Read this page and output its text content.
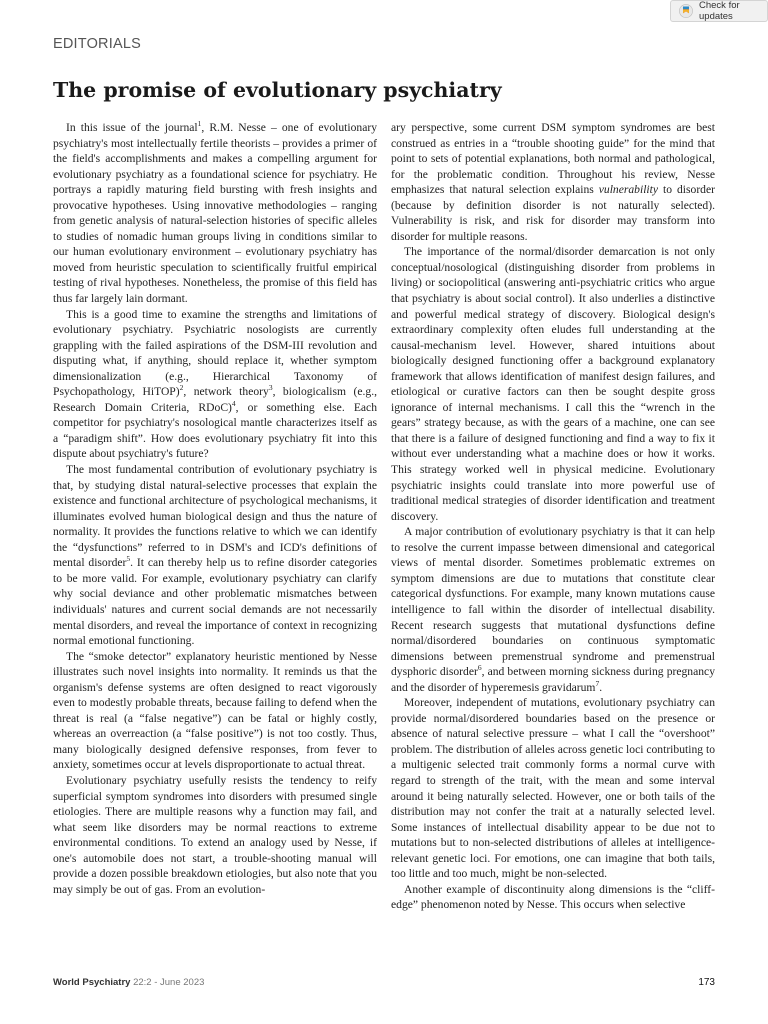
Check for updates
EDITORIALS
The promise of evolutionary psychiatry

In this issue of the journal$^1$, R.M. Nesse – one of evolutionary psychiatry's most intellectually fertile theorists – provides a primer of the field's accomplishments and makes a compelling argument for evolutionary psychiatry as a foundational science for psychiatry. He portrays a rapidly maturing field bursting with fresh insights and provocative hypotheses. Using innovative methodologies – ranging from genetic analysis of natural-selection histories of specific alleles to studies of nomadic human groups living in conditions similar to our human evolutionary environment – evolutionary psychiatry has moved from heuristic speculation to scientifically fruitful empirical testing of rival hypotheses. Nonetheless, the promise of this field has thus far largely lain dormant.

This is a good time to examine the strengths and limitations of evolutionary psychiatry. Psychiatric nosologists are currently grappling with the failed aspirations of the DSM-III revolution and disputing what, if anything, should replace it, whether symptom dimensionalization (e.g., Hierarchical Taxonomy of Psychopathology, HiTOP)$^2$, network theory$^3$, biologicalism (e.g., Research Domain Criteria, RDoC)$^4$, or something else. Each competitor for psychiatry's nosological mantle characterizes itself as a “paradigm shift”. How does evolutionary psychiatry fit into this dispute about psychiatry's future?

The most fundamental contribution of evolutionary psychiatry is that, by studying distal natural-selective processes that explain the existence and functional architecture of psychological mechanisms, it illuminates evolved human biological design and thus the nature of normality. It provides the functions relative to which we can identify the “dysfunctions” referred to in DSM's and ICD's definitions of mental disorder$^5$. It can thereby help us to refine disorder categories to be more valid. For example, evolutionary psychiatry can clarify why social deviance and other problematic mismatches between individuals' natures and current social demands are not necessarily mental disorders, and reveal the importance of context in recognizing normal emotional functioning.

The “smoke detector” explanatory heuristic mentioned by Nesse illustrates such novel insights into normality. It reminds us that the organism's defense systems are often designed to react vigorously even to modestly probable threats, because failing to defend when the threat is real (a “false negative”) can be fatal or highly costly, whereas an overreaction (a “false positive”) is not too costly. Thus, many biologically designed defensive responses, from fever to anxiety, sometimes occur at levels disproportionate to actual threat.

Evolutionary psychiatry usefully resists the tendency to reify superficial symptom syndromes into disorders with presumed single etiologies. There are multiple reasons why a function may fail, and what seem like disorders may be normal reactions to extreme environmental conditions. To extend an analogy used by Nesse, if one's automobile does not start, a trouble-shooting manual will provide a dozen possible breakdown etiologies, but also note that you may simply be out of gas. From an evolution-

ary perspective, some current DSM symptom syndromes are best construed as entries in a “trouble shooting guide” for the mind that point to sets of potential explanations, both normal and pathological, for the problematic condition. Throughout his review, Nesse emphasizes that natural selection explains vulnerability to disorder (because by definition disorder is not naturally selected). Vulnerability is risk, and risk for disorder may transform into disorder for multiple reasons.

The importance of the normal/disorder demarcation is not only conceptual/nosological (distinguishing disorder from problems in living) or sociopolitical (answering anti-psychiatric critics who argue that psychiatry is about social control). It also underlies a distinctive and powerful medical strategy of discovery. Biological design's extraordinary complexity often eludes full understanding at the causal-mechanism level. However, shared intuitions about biologically designed functioning offer a background explanatory framework that allows identification of manifest design failures, and etiological or curative factors can then be sought despite gross ignorance of internal mechanisms. I call this the “wrench in the gears” strategy because, as with the gears of a machine, one can see that there is a failure of designed functioning and find a way to fix it without ever understanding what a machine does or how it works. This strategy worked well in physical medicine. Evolutionary psychiatric insights could translate into more powerful use of traditional medical strategies of disorder identification and treatment discovery.

A major contribution of evolutionary psychiatry is that it can help to resolve the current impasse between dimensional and categorical views of mental disorder. Sometimes problematic extremes on symptom dimensions are due to mutations that constitute clear categorical dysfunctions. For example, many known mutations cause intelligence to fall within the disorder of intellectual disability. Recent research suggests that mutational dysfunctions define normal/disordered boundaries on continuous symptomatic dimensions between premenstrual syndrome and premenstrual dysphoric disorder$^6$, and between morning sickness during pregnancy and the disorder of hyperemesis gravidarum$^7$.

Moreover, independent of mutations, evolutionary psychiatry can provide normal/disordered boundaries based on the presence or absence of natural selective pressure – what I call the “overshoot” problem. The distribution of alleles across genetic loci contributing to a multigenic selected trait commonly forms a normal curve with regard to strength of the trait, with the mean and some interval around it being naturally selected. However, one or both tails of the distribution may not confer the trait at a naturally selected level. Some instances of intellectual disability appear to be due not to mutations but to non-selected distributions of alleles at intelligence-relevant genetic loci. For emotions, one can imagine that both tails, too little and too much, might be non-selected.

Another example of discontinuity along dimensions is the “cliff-edge” phenomenon noted by Nesse. This occurs when selective

World Psychiatry 22:2 - June 2023	173
